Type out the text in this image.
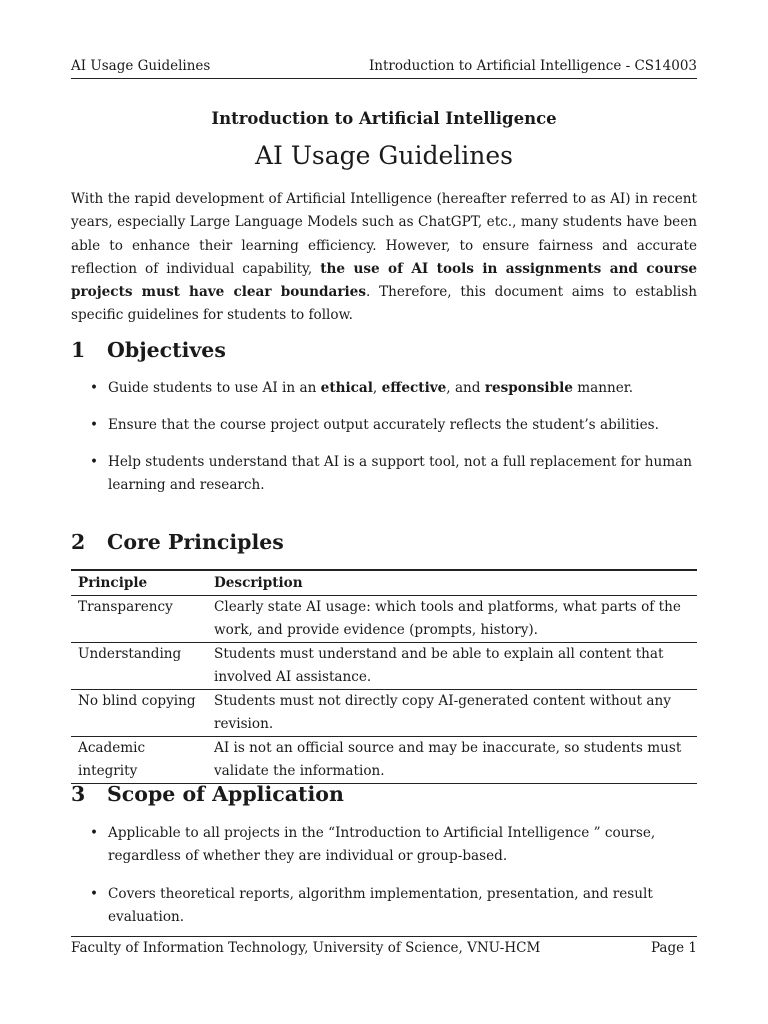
AI Usage Guidelines	Introduction to Artificial Intelligence - CS14003
Introduction to Artificial Intelligence
AI Usage Guidelines

With the rapid development of Artificial Intelligence (hereafter referred to as AI) in recent years, especially Large Language Models such as ChatGPT, etc., many students have been able to enhance their learning efficiency. However, to ensure fairness and accurate reflection of individual capability, the use of AI tools in assignments and course projects must have clear boundaries. Therefore, this document aims to establish specific guidelines for students to follow.

1 Objectives
• Guide students to use AI in an ethical, effective, and responsible manner.
• Ensure that the course project output accurately reflects the student’s abilities.
• Help students understand that AI is a support tool, not a full replacement for human learning and research.
2 Core Principles
Principle	Description
Transparency	Clearly state AI usage: which tools and platforms, what parts of the work, and provide evidence (prompts, history).
Understanding	Students must understand and be able to explain all content that involved AI assistance.
No blind copying	Students must not directly copy AI-generated content without any revision.
Academic integrity	AI is not an official source and may be inaccurate, so students must validate the information.
3 Scope of Application
• Applicable to all projects in the “Introduction to Artificial Intelligence ” course, regardless of whether they are individual or group-based.
• Covers theoretical reports, algorithm implementation, presentation, and result evaluation.
Faculty of Information Technology, University of Science, VNU-HCM	Page 1
